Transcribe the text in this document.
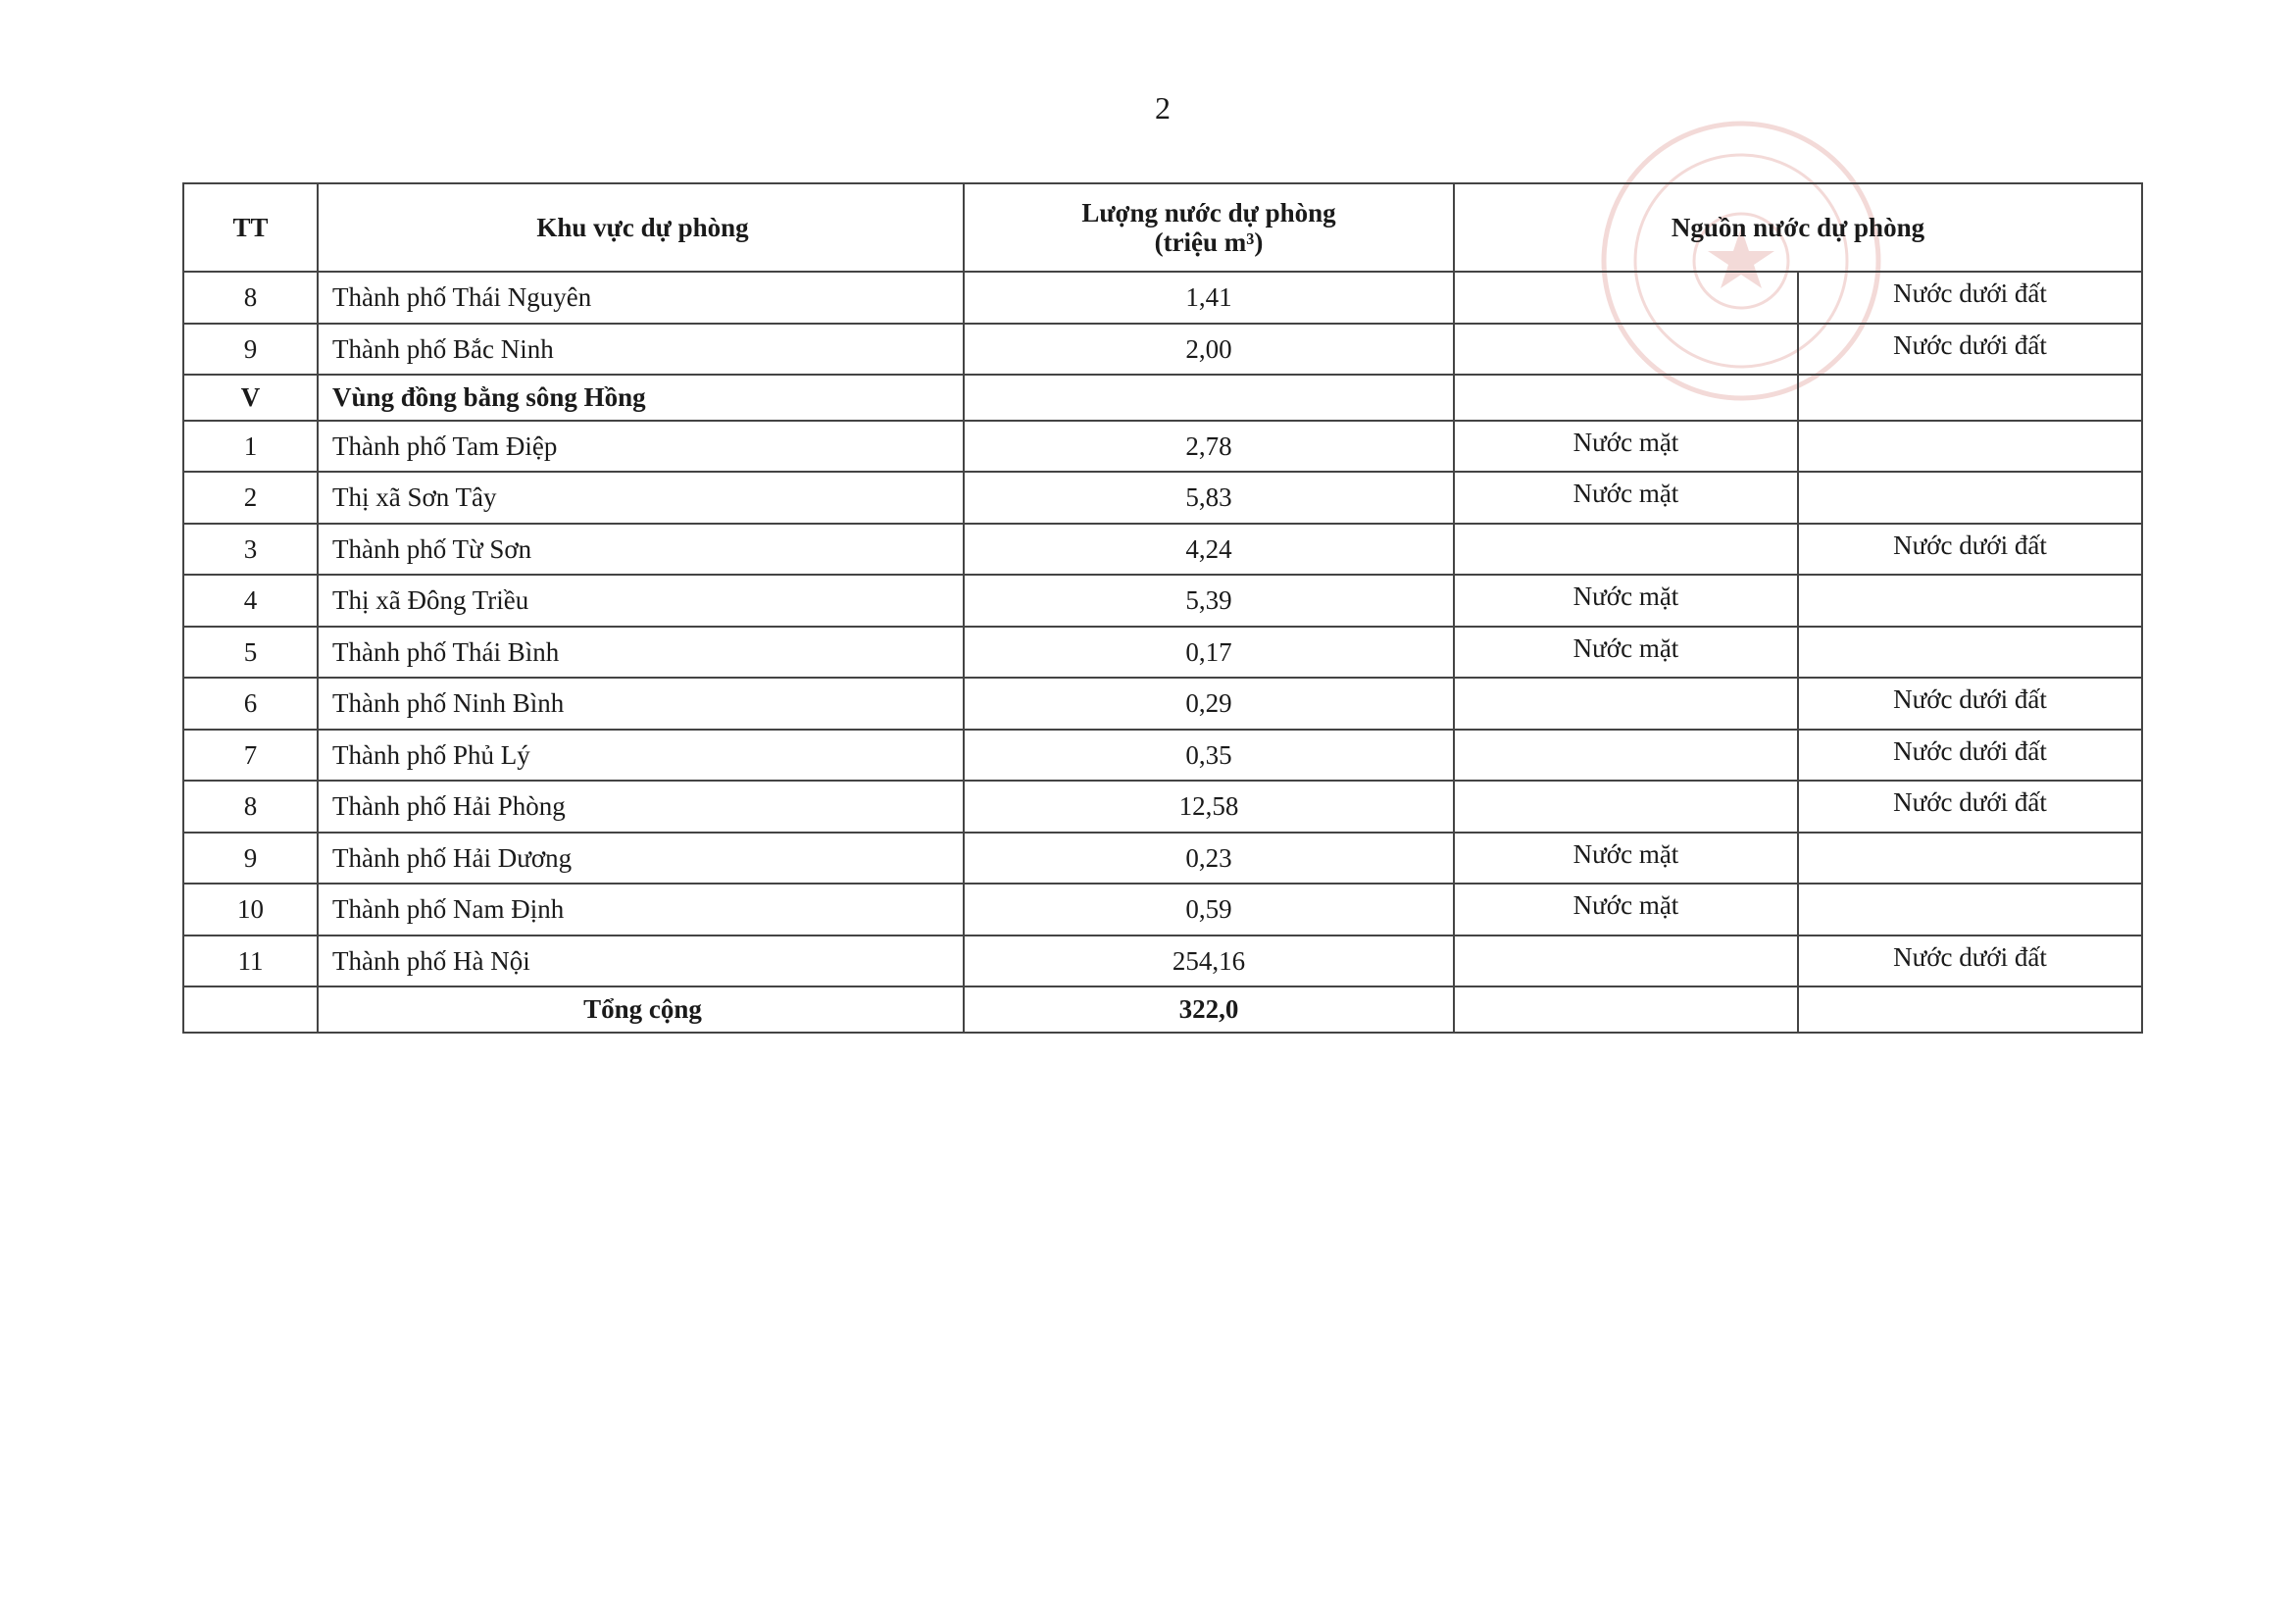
2
TT	Khu vực dự phòng	Lượng nước dự phòng
(triệu m³)	Nguồn nước dự phòng	
8	Thành phố Thái Nguyên	1,41		Nước dưới đất
9	Thành phố Bắc Ninh	2,00		Nước dưới đất
V	Vùng đồng bằng sông Hồng			
1	Thành phố Tam Điệp	2,78	Nước mặt	
2	Thị xã Sơn Tây	5,83	Nước mặt	
3	Thành phố Từ Sơn	4,24		Nước dưới đất
4	Thị xã Đông Triều	5,39	Nước mặt	
5	Thành phố Thái Bình	0,17	Nước mặt	
6	Thành phố Ninh Bình	0,29		Nước dưới đất
7	Thành phố Phủ Lý	0,35		Nước dưới đất
8	Thành phố Hải Phòng	12,58		Nước dưới đất
9	Thành phố Hải Dương	0,23	Nước mặt	
10	Thành phố Nam Định	0,59	Nước mặt	
11	Thành phố Hà Nội	254,16		Nước dưới đất
	Tổng cộng	322,0		
